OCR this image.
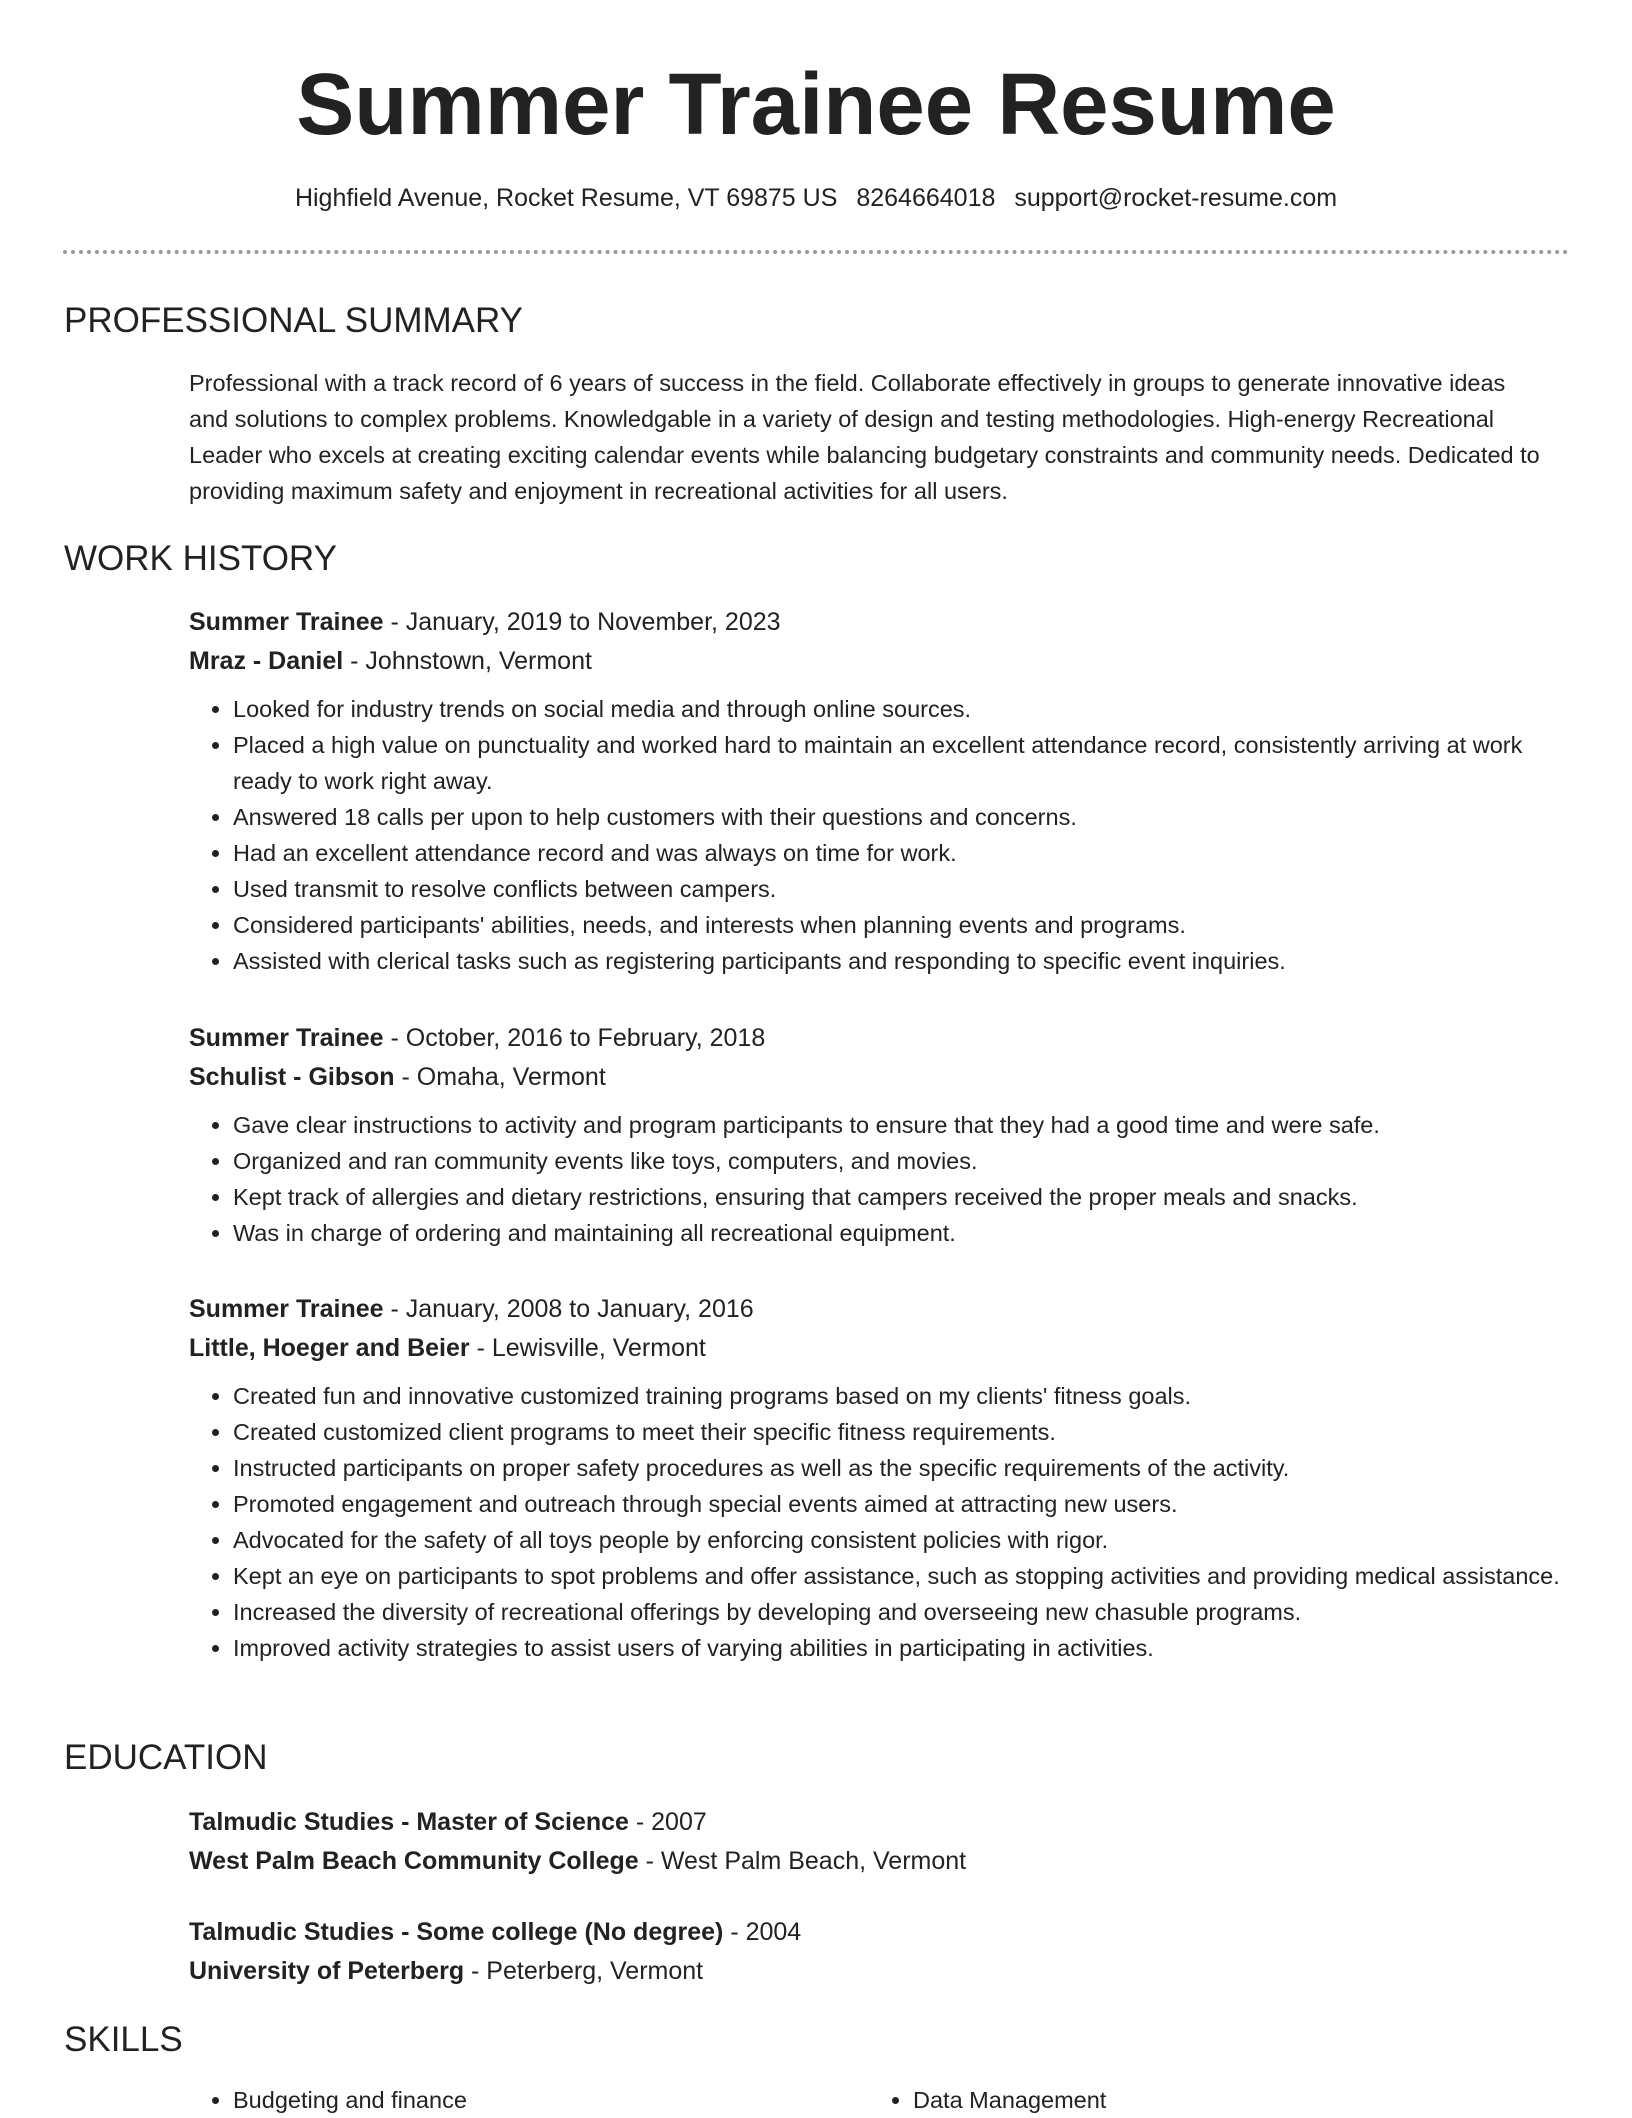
Summer Trainee Resume
Highfield Avenue, Rocket Resume, VT 69875 US 8264664018 support@rocket-resume.com
PROFESSIONAL SUMMARY

Professional with a track record of 6 years of success in the field. Collaborate effectively in groups to generate innovative ideas and solutions to complex problems. Knowledgable in a variety of design and testing methodologies. High-energy Recreational Leader who excels at creating exciting calendar events while balancing budgetary constraints and community needs. Dedicated to providing maximum safety and enjoyment in recreational activities for all users.

WORK HISTORY
Summer Trainee - January, 2019 to November, 2023
Mraz - Daniel - Johnstown, Vermont
• Looked for industry trends on social media and through online sources.
• Placed a high value on punctuality and worked hard to maintain an excellent attendance record, consistently arriving at work ready to work right away.
• Answered 18 calls per upon to help customers with their questions and concerns.
• Had an excellent attendance record and was always on time for work.
• Used transmit to resolve conflicts between campers.
• Considered participants' abilities, needs, and interests when planning events and programs.
• Assisted with clerical tasks such as registering participants and responding to specific event inquiries.
Summer Trainee - October, 2016 to February, 2018
Schulist - Gibson - Omaha, Vermont
• Gave clear instructions to activity and program participants to ensure that they had a good time and were safe.
• Organized and ran community events like toys, computers, and movies.
• Kept track of allergies and dietary restrictions, ensuring that campers received the proper meals and snacks.
• Was in charge of ordering and maintaining all recreational equipment.
Summer Trainee - January, 2008 to January, 2016
Little, Hoeger and Beier - Lewisville, Vermont
• Created fun and innovative customized training programs based on my clients' fitness goals.
• Created customized client programs to meet their specific fitness requirements.
• Instructed participants on proper safety procedures as well as the specific requirements of the activity.
• Promoted engagement and outreach through special events aimed at attracting new users.
• Advocated for the safety of all toys people by enforcing consistent policies with rigor.
• Kept an eye on participants to spot problems and offer assistance, such as stopping activities and providing medical assistance.
• Increased the diversity of recreational offerings by developing and overseeing new chasuble programs.
• Improved activity strategies to assist users of varying abilities in participating in activities.
EDUCATION
Talmudic Studies - Master of Science - 2007
West Palm Beach Community College - West Palm Beach, Vermont
Talmudic Studies - Some college (No degree) - 2004
University of Peterberg - Peterberg, Vermont
SKILLS
• Budgeting and finance
•	Data Management
